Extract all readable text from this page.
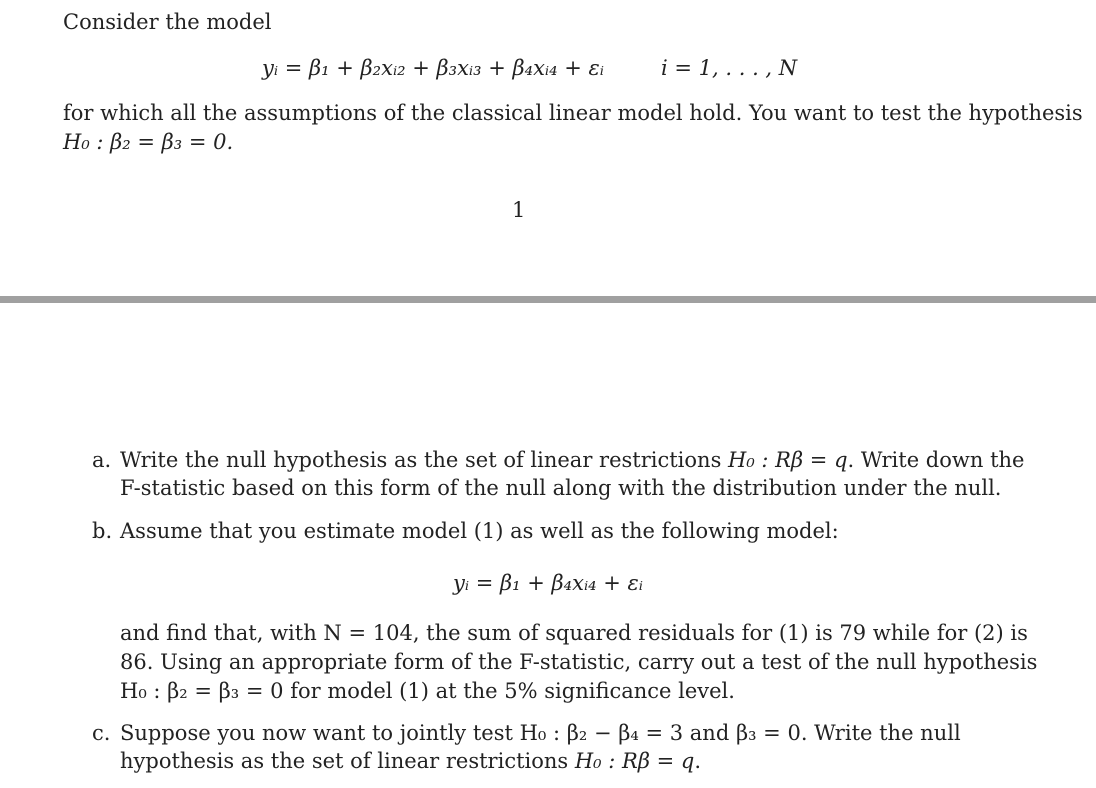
Consider the model
yᵢ = β₁ + β₂xᵢ₂ + β₃xᵢ₃ + β₄xᵢ₄ + εᵢ	i = 1, . . . , N
for which all the assumptions of the classical linear model hold. You want to test the hypothesis
H₀ : β₂ = β₃ = 0.
1
a. Write the null hypothesis as the set of linear restrictions H₀ : Rβ = q. Write down the
F-statistic based on this form of the null along with the distribution under the null.
b. Assume that you estimate model (1) as well as the following model:
yᵢ = β₁ + β₄xᵢ₄ + εᵢ
and find that, with N = 104, the sum of squared residuals for (1) is 79 while for (2) is
86. Using an appropriate form of the F-statistic, carry out a test of the null hypothesis
H₀ : β₂ = β₃ = 0 for model (1) at the 5% significance level.
c. Suppose you now want to jointly test H₀ : β₂ − β₄ = 3 and β₃ = 0. Write the null
hypothesis as the set of linear restrictions H₀ : Rβ = q.
